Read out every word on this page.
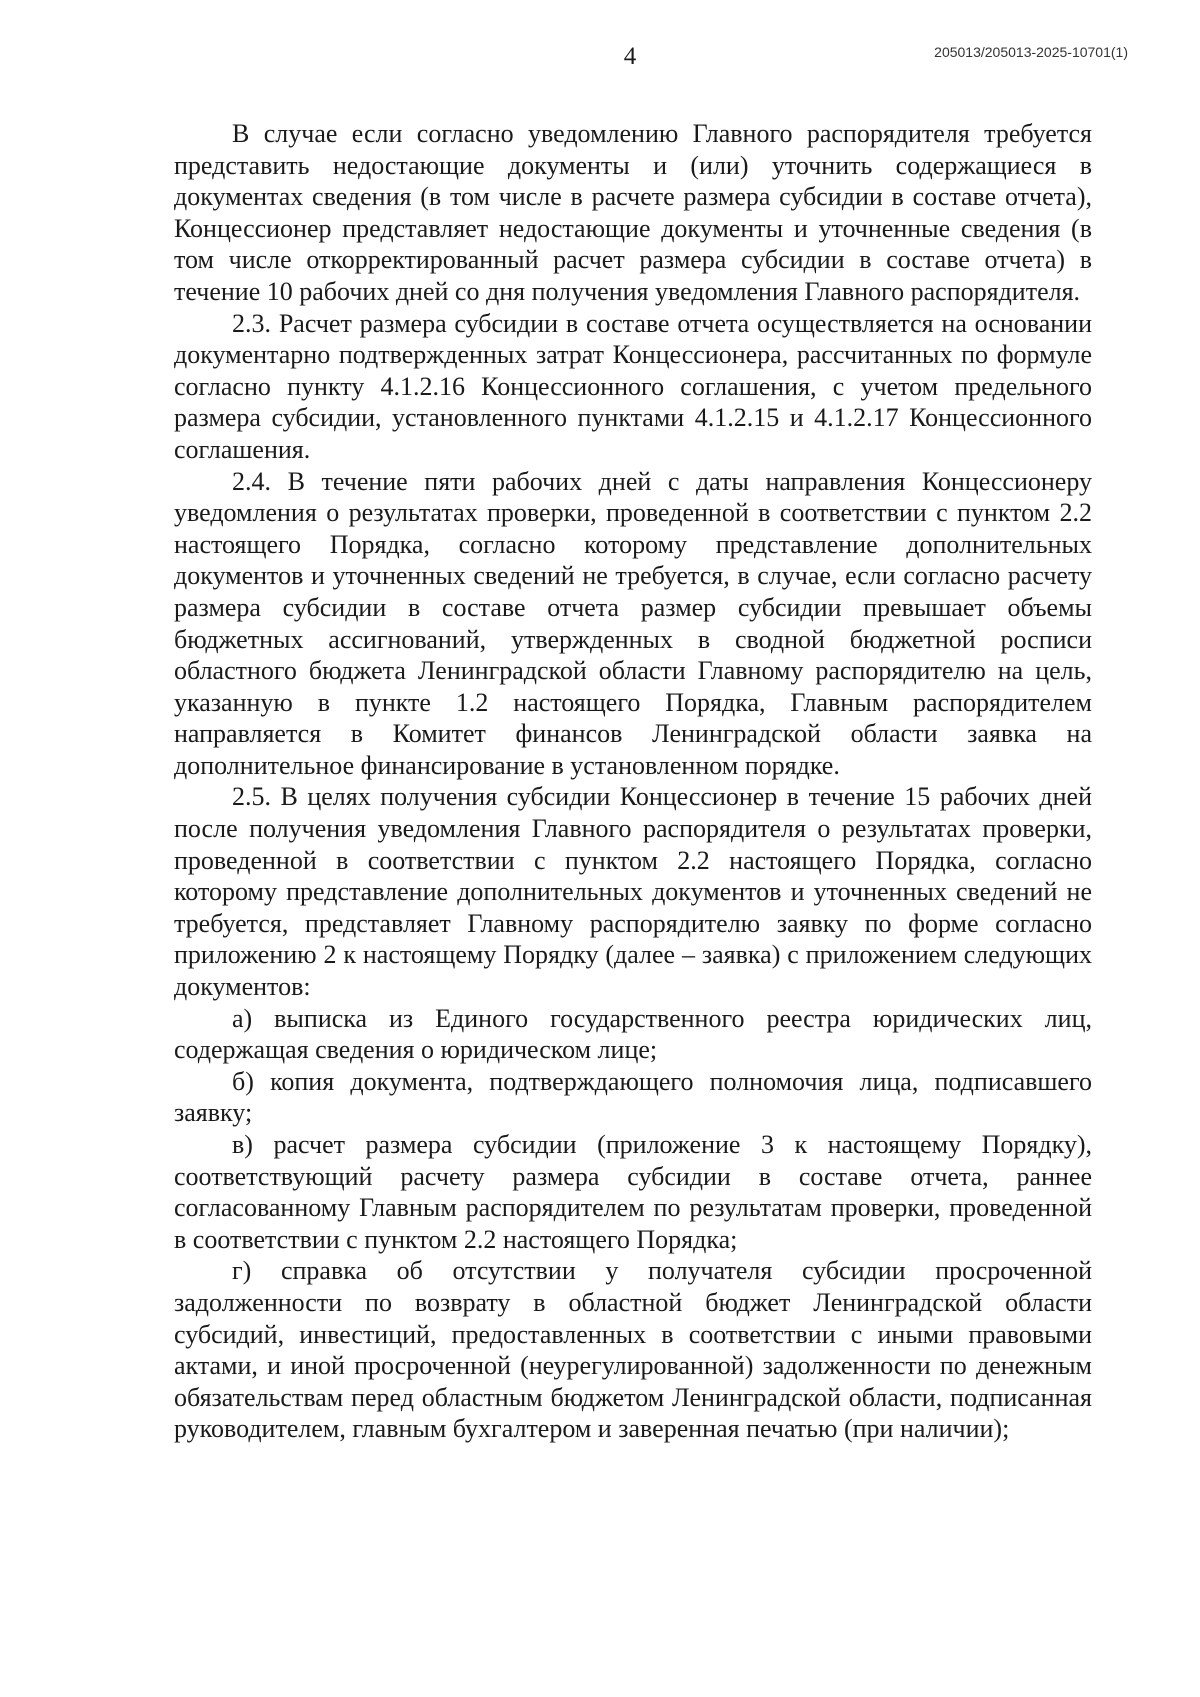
4	205013/205013-2025-10701(1)

В случае если согласно уведомлению Главного распорядителя требуется представить недостающие документы и (или) уточнить содержащиеся в документах сведения (в том числе в расчете размера субсидии в составе отчета), Концессионер представляет недостающие документы и уточненные сведения (в том числе откорректированный расчет размера субсидии в составе отчета) в течение 10 рабочих дней со дня получения уведомления Главного распорядителя.

2.3. Расчет размера субсидии в составе отчета осуществляется на основании документарно подтвержденных затрат Концессионера, рассчитанных по формуле согласно пункту 4.1.2.16 Концессионного соглашения, с учетом предельного размера субсидии, установленного пунктами 4.1.2.15 и 4.1.2.17 Концессионного соглашения.

2.4. В течение пяти рабочих дней с даты направления Концессионеру уведомления о результатах проверки, проведенной в соответствии с пунктом 2.2 настоящего Порядка, согласно которому представление дополнительных документов и уточненных сведений не требуется, в случае, если согласно расчету размера субсидии в составе отчета размер субсидии превышает объемы бюджетных ассигнований, утвержденных в сводной бюджетной росписи областного бюджета Ленинградской области Главному распорядителю на цель, указанную в пункте 1.2 настоящего Порядка, Главным распорядителем направляется в Комитет финансов Ленинградской области заявка на дополнительное финансирование в установленном порядке.

2.5. В целях получения субсидии Концессионер в течение 15 рабочих дней после получения уведомления Главного распорядителя о результатах проверки, проведенной в соответствии с пунктом 2.2 настоящего Порядка, согласно которому представление дополнительных документов и уточненных сведений не требуется, представляет Главному распорядителю заявку по форме согласно приложению 2 к настоящему Порядку (далее – заявка) с приложением следующих документов:

а) выписка из Единого государственного реестра юридических лиц, содержащая сведения о юридическом лице;

б) копия документа, подтверждающего полномочия лица, подписавшего заявку;

в) расчет размера субсидии (приложение 3 к настоящему Порядку), соответствующий расчету размера субсидии в составе отчета, раннее согласованному Главным распорядителем по результатам проверки, проведенной в соответствии с пунктом 2.2 настоящего Порядка;

г) справка об отсутствии у получателя субсидии просроченной задолженности по возврату в областной бюджет Ленинградской области субсидий, инвестиций, предоставленных в соответствии с иными правовыми актами, и иной просроченной (неурегулированной) задолженности по денежным обязательствам перед областным бюджетом Ленинградской области, подписанная руководителем, главным бухгалтером и заверенная печатью (при наличии);
